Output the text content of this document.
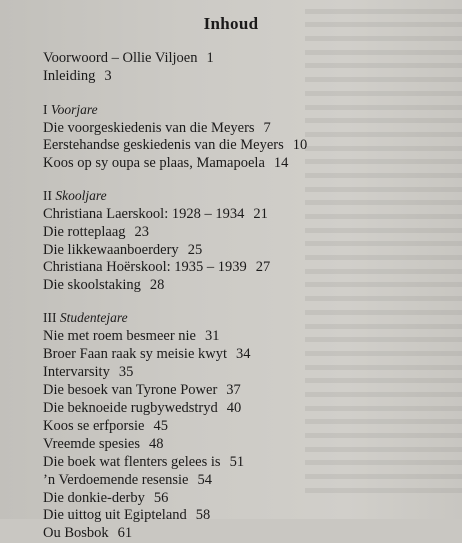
Inhoud
Voorwoord – Ollie Viljoen 1
Inleiding 3
I Voorjare
Die voorgeskiedenis van die Meyers 7
Eerstehandse geskiedenis van die Meyers 10
Koos op sy oupa se plaas, Mamapoela 14
II Skooljare
Christiana Laerskool: 1928 – 1934 21
Die rotteplaag 23
Die likkewaanboerdery 25
Christiana Hoërskool: 1935 – 1939 27
Die skoolstaking 28
III Studentejare
Nie met roem besmeer nie 31
Broer Faan raak sy meisie kwyt 34
Intervarsity 35
Die besoek van Tyrone Power 37
Die beknoeide rugbywedstryd 40
Koos se erfporsie 45
Vreemde spesies 48
Die boek wat flenters gelees is 51
’n Verdoemende resensie 54
Die donkie-derby 56
Die uittog uit Egipteland 58
Ou Bosbok 61
